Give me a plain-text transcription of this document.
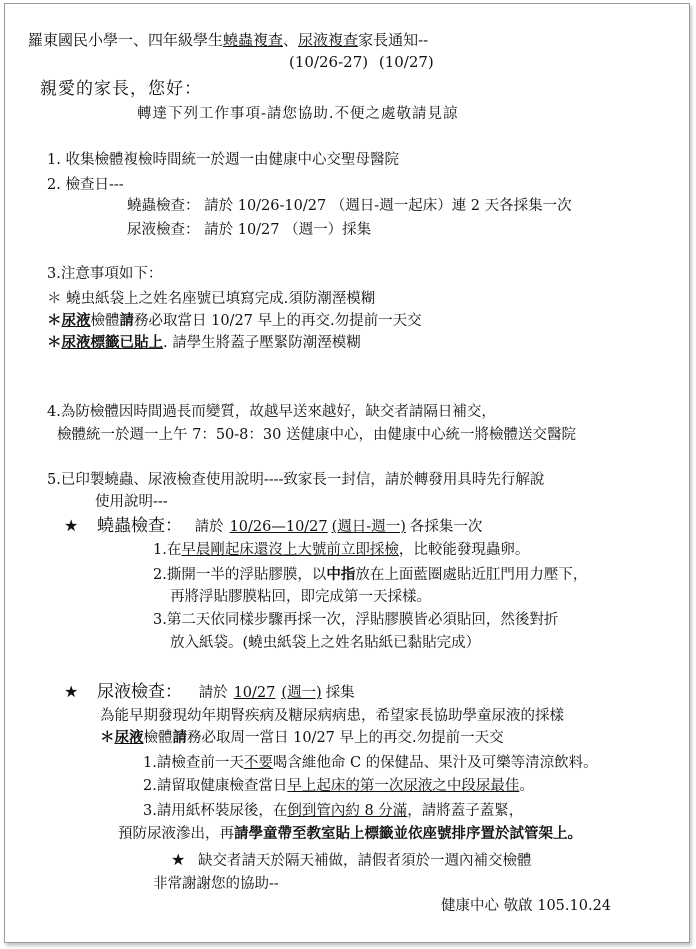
羅東國民小學一、四年級學生蟯蟲複查、尿液複查家長通知--
(10/26-27) (10/27)
親愛的家長，您好：
轉達下列工作事項-請您協助.不便之處敬請見諒
1. 收集檢體複檢時間統一於週一由健康中心交聖母醫院
2. 檢查日---
蟯蟲檢查： 請於 10/26-10/27 （週日-週一起床）連 2 天各採集一次
尿液檢查： 請於 10/27 （週一）採集
3.注意事項如下：
＊ 蟯虫紙袋上之姓名座號已填寫完成.須防潮溼模糊
＊尿液檢體請務必取當日 10/27 早上的再交.勿提前一天交
＊尿液標籤已貼上. 請學生將蓋子壓緊防潮溼模糊
4.為防檢體因時間過長而變質，故越早送來越好，缺交者請隔日補交，
檢體統一於週一上午 7：50-8：30 送健康中心，由健康中心統一將檢體送交醫院
5.已印製蟯蟲、尿液檢查使用說明----致家長一封信，請於轉發用具時先行解說
使用說明---
★ 蟯蟲檢查： 請於 10/26—10/27 (週日-週一) 各採集一次
1.在早晨剛起床還沒上大號前立即採檢，比較能發現蟲卵。
2.撕開一半的浮貼膠膜，以中指放在上面藍圈處貼近肛門用力壓下，
再將浮貼膠膜粘回，即完成第一天採樣。
3.第二天依同樣步驟再採一次，浮貼膠膜皆必須貼回，然後對折
放入紙袋。(蟯虫紙袋上之姓名貼紙已黏貼完成）
★ 尿液檢查： 請於 10/27 (週一) 採集
為能早期發現幼年期腎疾病及糖尿病病患，希望家長協助學童尿液的採樣
＊尿液檢體請務必取周一當日 10/27 早上的再交.勿提前一天交
1.請檢查前一天不要喝含維他命 C 的保健品、果汁及可樂等清涼飲料。
2.請留取健康檢查當日早上起床的第一次尿液之中段尿最佳。
3.請用紙杯裝尿後，在倒到管內約 8 分滿，請將蓋子蓋緊，
預防尿液滲出，再請學童帶至教室貼上標籤並依座號排序置於試管架上。
★ 缺交者請天於隔天補做，請假者須於一週內補交檢體
非常謝謝您的協助--
健康中心 敬啟 105.10.24
